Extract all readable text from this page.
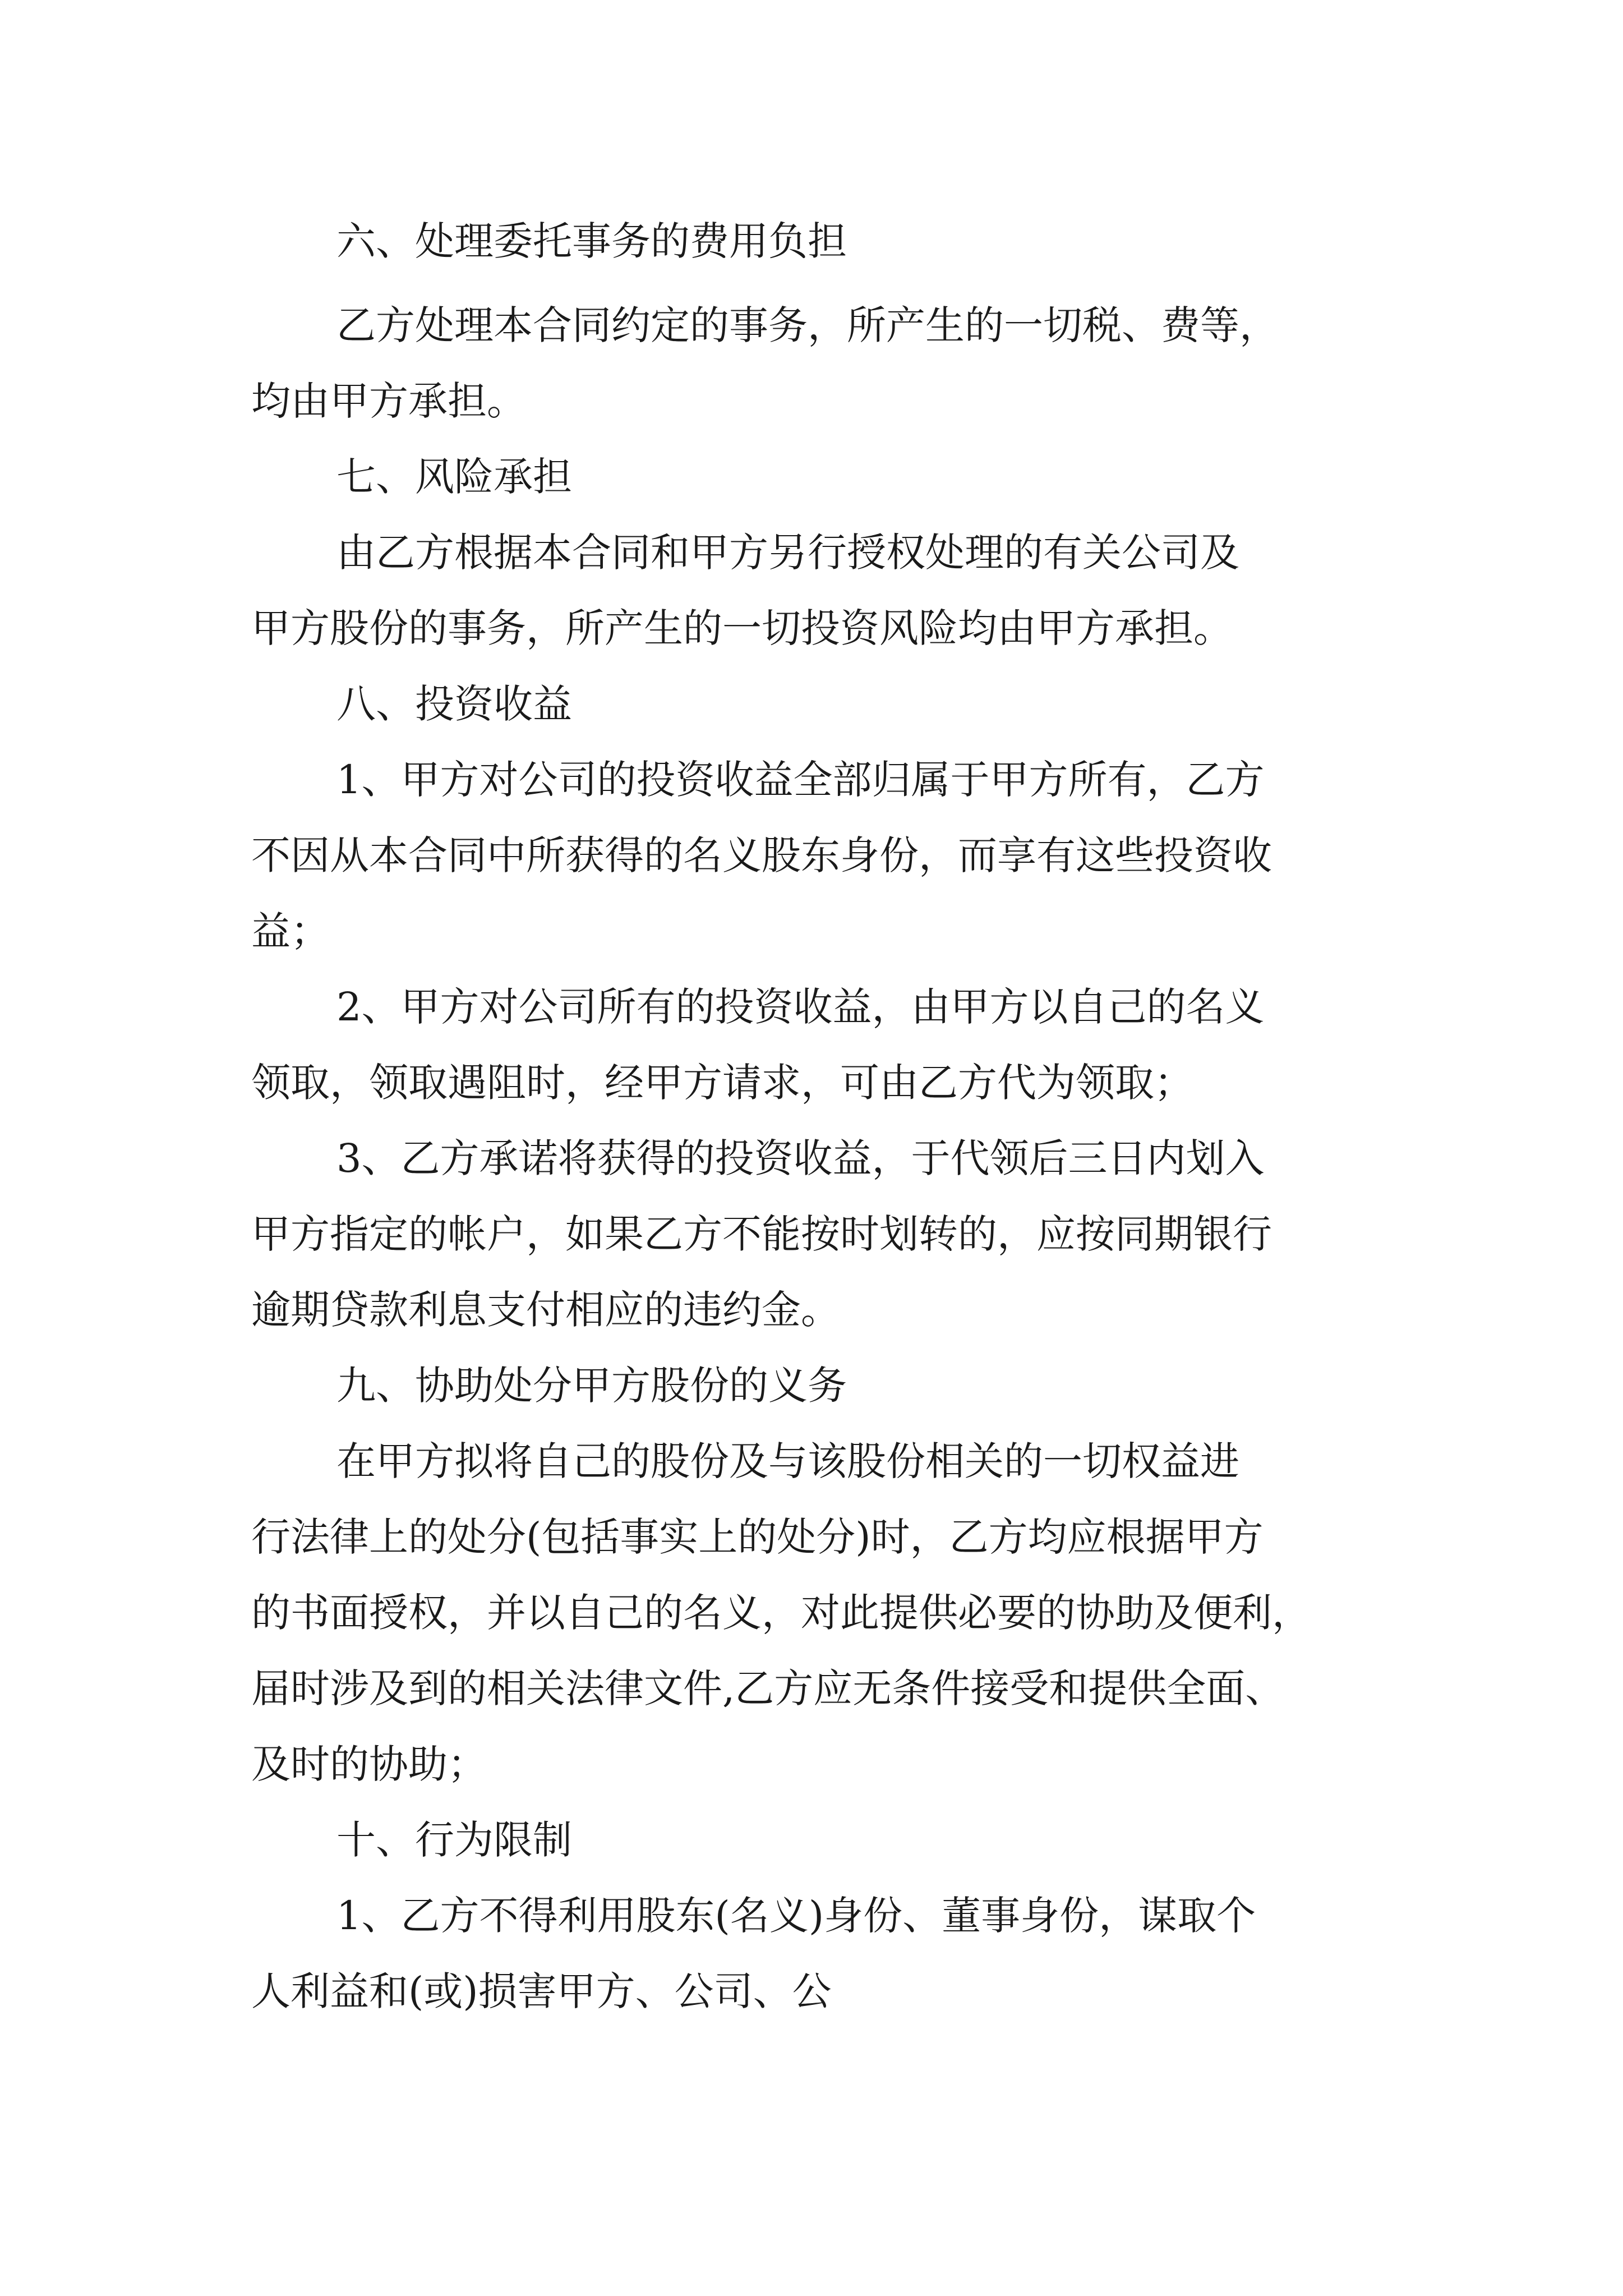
六、处理委托事务的费用负担
乙方处理本合同约定的事务，所产生的一切税、费等，
均由甲方承担。
七、风险承担
由乙方根据本合同和甲方另行授权处理的有关公司及
甲方股份的事务，所产生的一切投资风险均由甲方承担。
八、投资收益
1、甲方对公司的投资收益全部归属于甲方所有，乙方
不因从本合同中所获得的名义股东身份，而享有这些投资收
益；
2、甲方对公司所有的投资收益，由甲方以自己的名义
领取，领取遇阻时，经甲方请求，可由乙方代为领取；
3、乙方承诺将获得的投资收益，于代领后三日内划入
甲方指定的帐户，如果乙方不能按时划转的，应按同期银行
逾期贷款利息支付相应的违约金。
九、协助处分甲方股份的义务
在甲方拟将自己的股份及与该股份相关的一切权益进
行法律上的处分(包括事实上的处分)时，乙方均应根据甲方
的书面授权，并以自己的名义，对此提供必要的协助及便利，
届时涉及到的相关法律文件,乙方应无条件接受和提供全面、
及时的协助；
十、行为限制
1、乙方不得利用股东(名义)身份、董事身份，谋取个
人利益和(或)损害甲方、公司、公
